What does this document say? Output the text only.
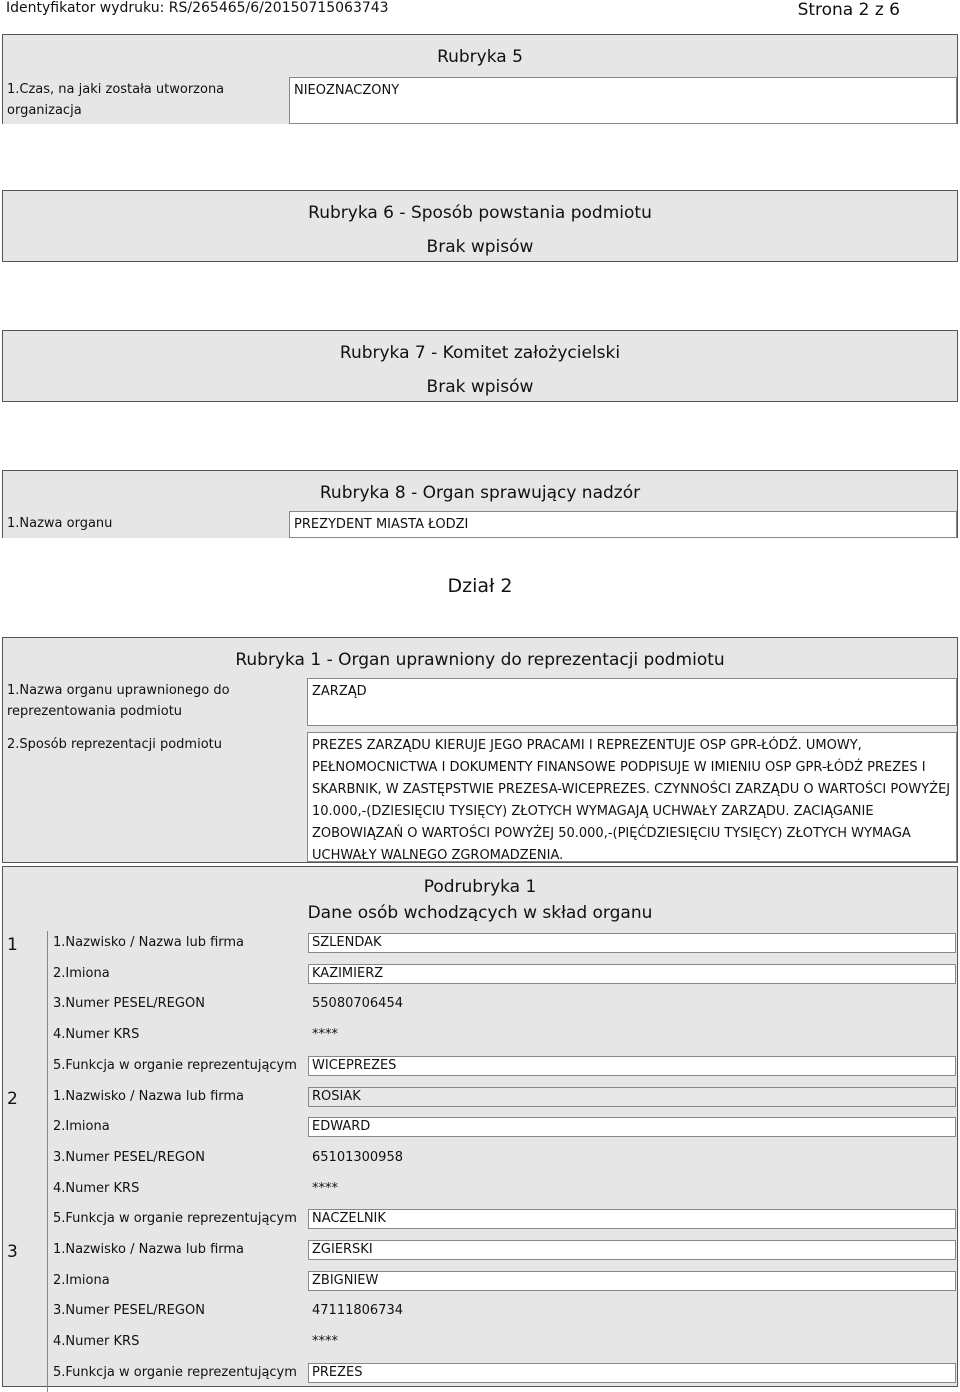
Identyfikator wydruku: RS/265465/6/20150715063743	Strona 2 z 6
Rubryka 5
1.Czas, na jaki została utworzona organizacja
NIEOZNACZONY
Rubryka 6 - Sposób powstania podmiotu
Brak wpisów
Rubryka 7 - Komitet założycielski
Brak wpisów
Rubryka 8 - Organ sprawujący nadzór
1.Nazwa organu	PREZYDENT MIASTA ŁODZI
Dział 2
Rubryka 1 - Organ uprawniony do reprezentacji podmiotu
1.Nazwa organu uprawnionego do reprezentowania podmiotu
ZARZĄD
2.Sposób reprezentacji podmiotu	PREZES ZARZĄDU KIERUJE JEGO PRACAMI I REPREZENTUJE OSP GPR-ŁÓDŹ. UMOWY, PEŁNOMOCNICTWA I DOKUMENTY FINANSOWE PODPISUJE W IMIENIU OSP GPR-ŁÓDŹ PREZES I SKARBNIK, W ZASTĘPSTWIE PREZESA-WICEPREZES. CZYNNOŚCI ZARZĄDU O WARTOŚCI POWYŻEJ 10.000,-(DZIESIĘCIU TYSIĘCY) ZŁOTYCH WYMAGAJĄ UCHWAŁY ZARZĄDU. ZACIĄGANIE ZOBOWIĄZAŃ O WARTOŚCI POWYŻEJ 50.000,-(PIĘĆDZIESIĘCIU TYSIĘCY) ZŁOTYCH WYMAGA UCHWAŁY WALNEGO ZGROMADZENIA.
Podrubryka 1
Dane osób wchodzących w skład organu
1	1.Nazwisko / Nazwa lub firma	SZLENDAK
2.Imiona	KAZIMIERZ
3.Numer PESEL/REGON	55080706454
4.Numer KRS	****
5.Funkcja w organie reprezentującym WICEPREZES
2	1.Nazwisko / Nazwa lub firma	ROSIAK
2.Imiona	EDWARD
3.Numer PESEL/REGON	65101300958
4.Numer KRS	****
5.Funkcja w organie reprezentującym NACZELNIK
3	1.Nazwisko / Nazwa lub firma	ZGIERSKI
2.Imiona	ZBIGNIEW
3.Numer PESEL/REGON	47111806734
4.Numer KRS	****
5.Funkcja w organie reprezentującym PREZES
